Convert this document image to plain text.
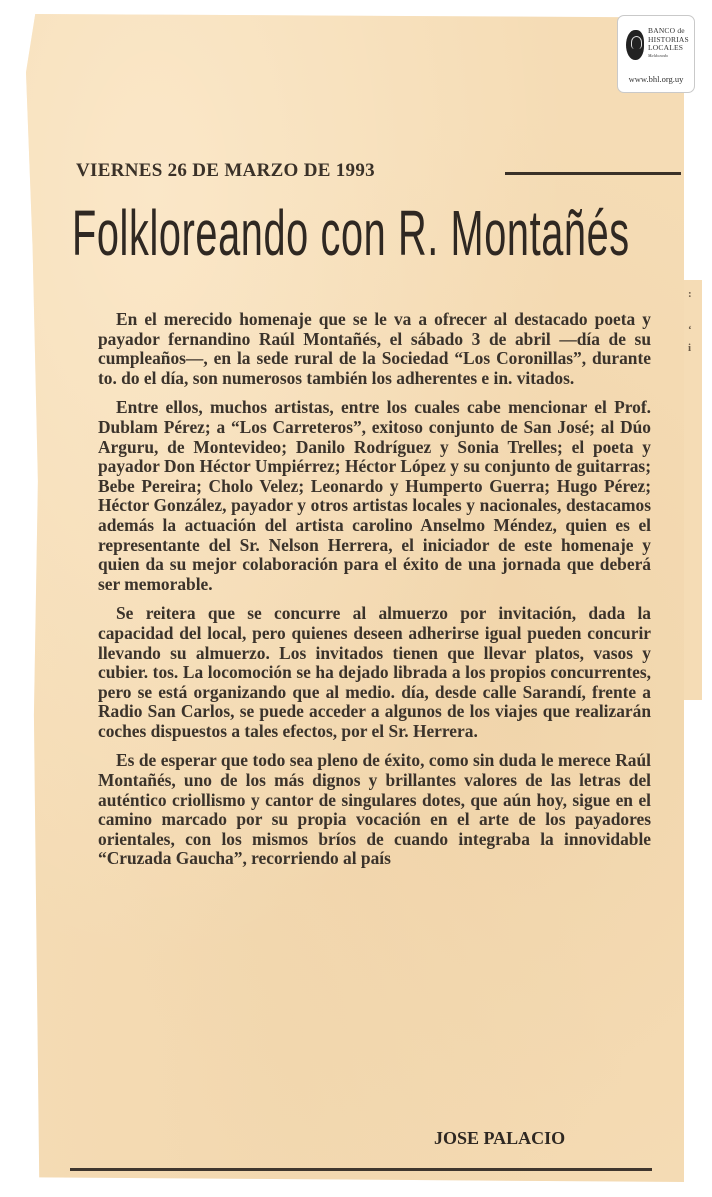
:

‘
i
BANCO de
HISTORIAS
LOCALES
Maldonado
www.bhl.org.uy
VIERNES 26 DE MARZO DE 1993
Folkloreando con R. Montañés

En el merecido homenaje que se le va a ofrecer al destacado poeta y payador fernandino Raúl Montañés, el sábado 3 de abril —día de su cumpleaños—, en la sede rural de la Sociedad “Los Coronillas”, durante to. do el día, son numerosos también los adherentes e in. vitados.

Entre ellos, muchos artistas, entre los cuales cabe mencionar el Prof. Dublam Pérez; a “Los Carreteros”, exitoso conjunto de San José; al Dúo Arguru, de Montevideo; Danilo Rodríguez y Sonia Trelles; el poeta y payador Don Héctor Umpiérrez; Héctor López y su conjunto de guitarras; Bebe Pereira; Cholo Velez; Leonardo y Humperto Guerra; Hugo Pérez; Héctor González, payador y otros artistas locales y nacionales, destacamos además la actuación del artista carolino Anselmo Méndez, quien es el representante del Sr. Nelson Herrera, el iniciador de este homenaje y quien da su mejor colaboración para el éxito de una jornada que deberá ser memorable.

Se reitera que se concurre al almuerzo por invitación, dada la capacidad del local, pero quienes deseen adherirse igual pueden concurir llevando su almuerzo. Los invitados tienen que llevar platos, vasos y cubier. tos. La locomoción se ha dejado librada a los propios concurrentes, pero se está organizando que al medio. día, desde calle Sarandí, frente a Radio San Carlos, se puede acceder a algunos de los viajes que realizarán coches dispuestos a tales efectos, por el Sr. Herrera.

Es de esperar que todo sea pleno de éxito, como sin duda le merece Raúl Montañés, uno de los más dignos y brillantes valores de las letras del auténtico criollismo y cantor de singulares dotes, que aún hoy, sigue en el camino marcado por su propia vocación en el arte de los payadores orientales, con los mismos bríos de cuando integraba la innovidable “Cruzada Gaucha”, recorriendo al país

JOSE PALACIO
